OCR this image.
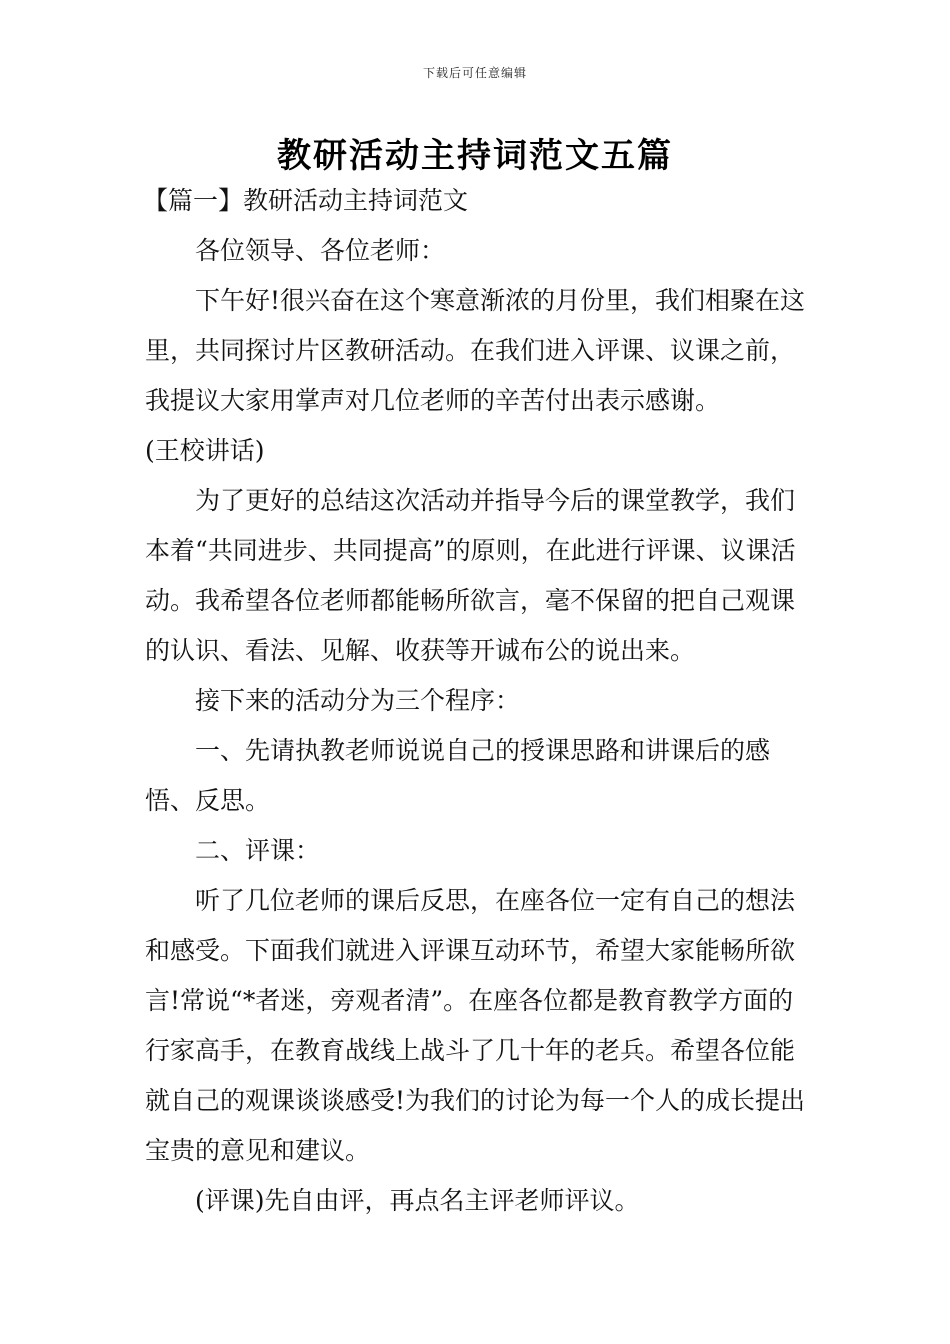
下载后可任意编辑
教研活动主持词范文五篇

【篇一】教研活动主持词范文

各位领导、各位老师：

下午好!很兴奋在这个寒意渐浓的月份里，我们相聚在这里，共同探讨片区教研活动。在我们进入评课、议课之前，我提议大家用掌声对几位老师的辛苦付出表示感谢。

(王校讲话)

为了更好的总结这次活动并指导今后的课堂教学，我们本着“共同进步、共同提高”的原则，在此进行评课、议课活动。我希望各位老师都能畅所欲言，毫不保留的把自己观课的认识、看法、见解、收获等开诚布公的说出来。

接下来的活动分为三个程序：

一、先请执教老师说说自己的授课思路和讲课后的感悟、反思。

二、评课：

听了几位老师的课后反思，在座各位一定有自己的想法和感受。下面我们就进入评课互动环节，希望大家能畅所欲言!常说“*者迷，旁观者清”。在座各位都是教育教学方面的行家高手，在教育战线上战斗了几十年的老兵。希望各位能就自己的观课谈谈感受!为我们的讨论为每一个人的成长提出宝贵的意见和建议。

(评课)先自由评，再点名主评老师评议。
